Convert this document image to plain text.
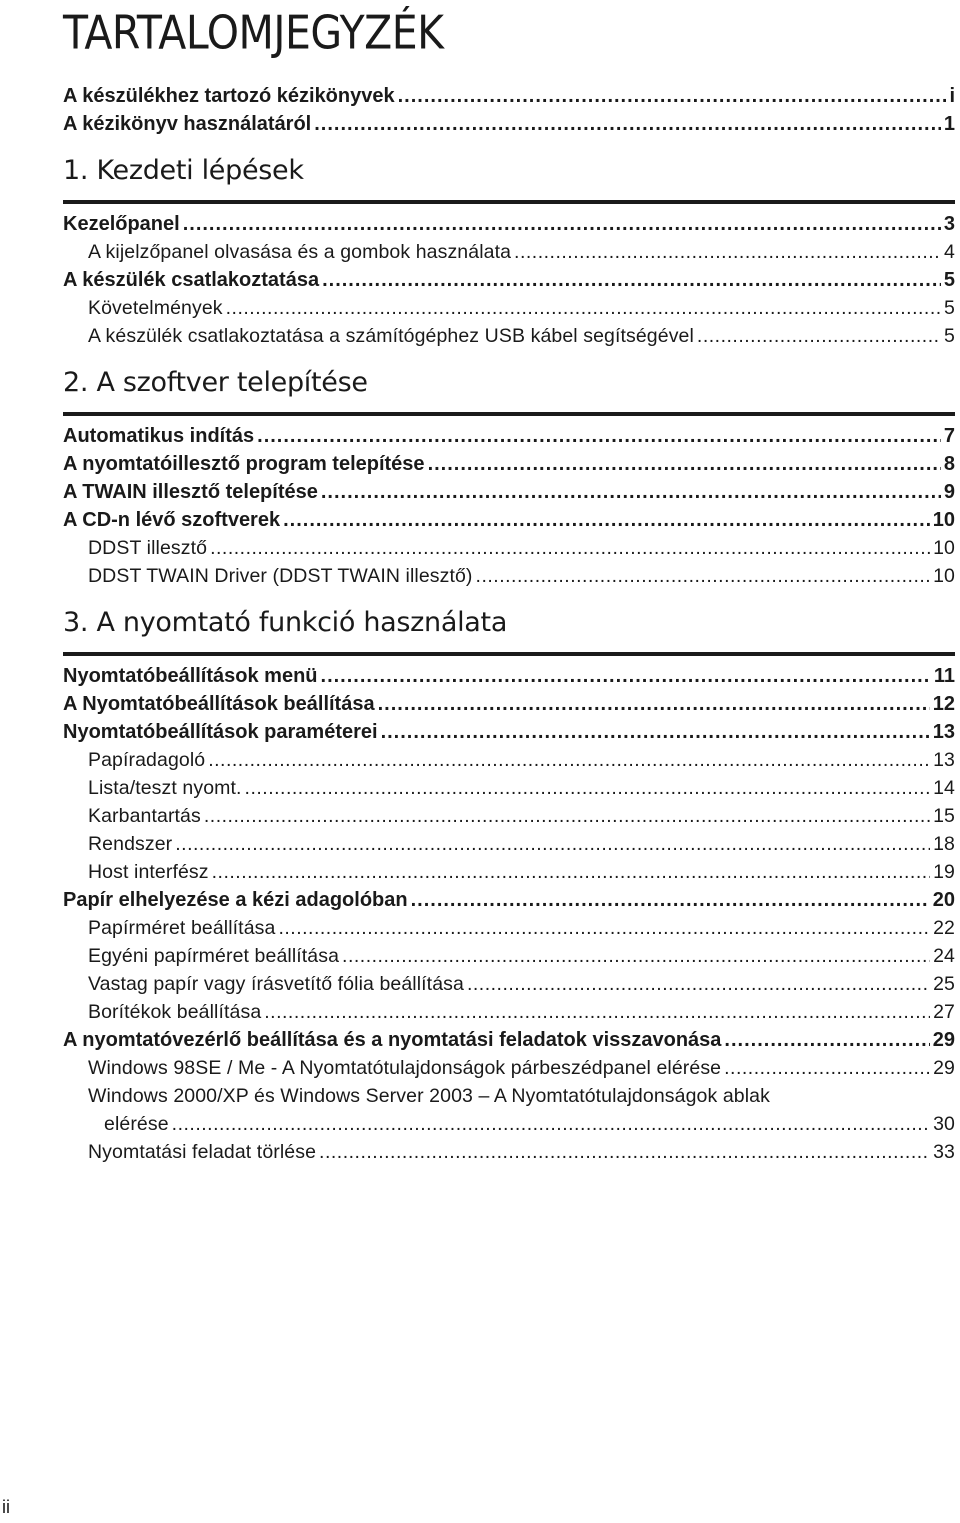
TARTALOMJEGYZÉK
A készülékhez tartozó kézikönyvek .....	i
A kézikönyv használatáról .....	1
1. Kezdeti lépések
Kezelőpanel .....	3
A kijelzőpanel olvasása és a gombok használata .....	4
A készülék csatlakoztatása .....	5
Követelmények .....	5
A készülék csatlakoztatása a számítógéphez USB kábel segítségével .....	5
2. A szoftver telepítése
Automatikus indítás .....	7
A nyomtatóillesztő program telepítése .....	8
A TWAIN illesztő telepítése .....	9
A CD-n lévő szoftverek .....	10
DDST illesztő .....	10
DDST TWAIN Driver (DDST TWAIN illesztő) .....	10
3. A nyomtató funkció használata
Nyomtatóbeállítások menü .....	11
A Nyomtatóbeállítások beállítása .....	12
Nyomtatóbeállítások paraméterei .....	13
Papíradagoló .....	13
Lista/teszt nyomt. .....	14
Karbantartás .....	15
Rendszer .....	18
Host interfész .....	19
Papír elhelyezése a kézi adagolóban .....	20
Papírméret beállítása .....	22
Egyéni papírméret beállítása .....	24
Vastag papír vagy írásvetítő fólia beállítása .....	25
Borítékok beállítása .....	27
A nyomtatóvezérlő beállítása és a nyomtatási feladatok visszavonása .....	29
Windows 98SE / Me - A Nyomtatótulajdonságok párbeszédpanel elérése .....	29
Windows 2000/XP és Windows Server 2003 – A Nyomtatótulajdonságok ablak
elérése .....	30
Nyomtatási feladat törlése .....	33
ii
